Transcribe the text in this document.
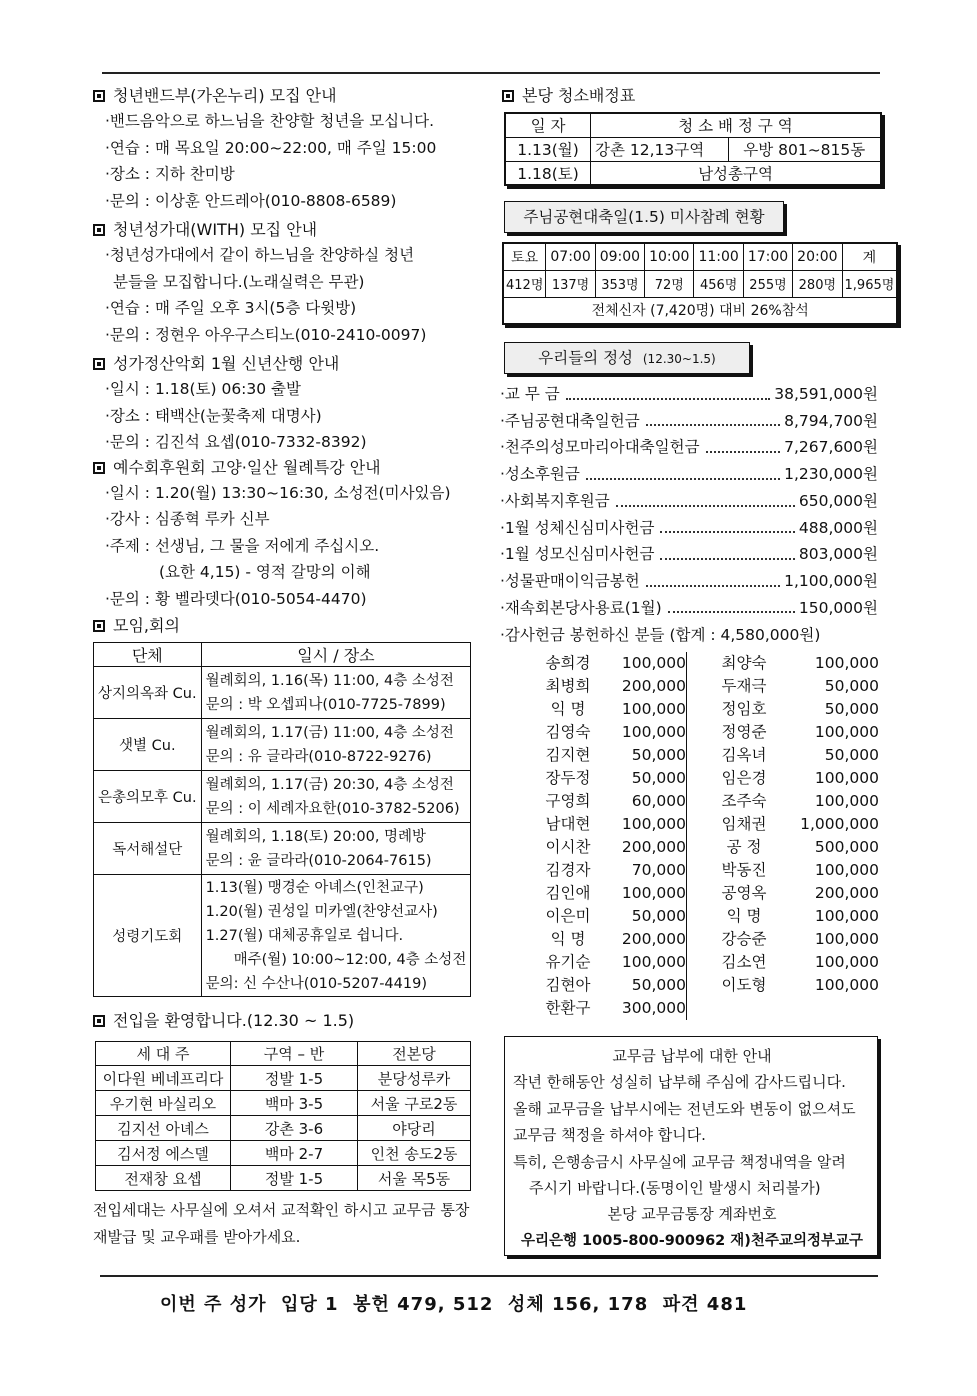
청년밴드부(가온누리) 모집 안내
·밴드음악으로 하느님을 찬양할 청년을 모십니다.
·연습 : 매 목요일 20:00~22:00, 매 주일 15:00
·장소 : 지하 찬미방
·문의 : 이상훈 안드레아(010-8808-6589)
청년성가대(WITH) 모집 안내
·청년성가대에서 같이 하느님을 찬양하실 청년
분들을 모집합니다.(노래실력은 무관)
·연습 : 매 주일 오후 3시(5층 다윗방)
·문의 : 정현우 아우구스티노(010-2410-0097)
성가정산악회 1월 신년산행 안내
·일시 : 1.18(토) 06:30 출발
·장소 : 태백산(눈꽃축제 대명사)
·문의 : 김진석 요셉(010-7332-8392)
예수회후원회 고양·일산 월례특강 안내
·일시 : 1.20(월) 13:30~16:30, 소성전(미사있음)
·강사 : 심종혁 루카 신부
·주제 : 선생님, 그 물을 저에게 주십시오.
(요한 4,15) - 영적 갈망의 이해
·문의 : 황 벨라뎃다(010-5054-4470)
모임,회의
단체	일시 / 장소
상지의옥좌 Cu.	월례회의, 1.16(목) 11:00, 4층 소성전
문의 : 박 오셉피나(010-7725-7899)

샛별 Cu.	월례회의, 1.17(금) 11:00, 4층 소성전
문의 : 유 글라라(010-8722-9276)

은총의모후 Cu.	월례회의, 1.17(금) 20:30, 4층 소성전
문의 : 이 세례자요한(010-3782-5206)

독서해설단	월례회의, 1.18(토) 20:00, 명례방
문의 : 윤 글라라(010-2064-7615)

성령기도회	1.13(월) 맹경순 아녜스(인천교구)
1.20(월) 권성일 미카엘(찬양선교사)
1.27(월) 대체공휴일로 쉽니다.
매주(월) 10:00~12:00, 4층 소성전
문의: 신 수산나(010-5207-4419)
전입을 환영합니다.(12.30 ~ 1.5)
세 대 주	구역 – 반	전본당
이다원 베네프리다	정발 1-5	분당성루카
우기현 바실리오	백마 3-5	서울 구로2동
김지선 아녜스	강촌 3-6	야당리
김서정 에스델	백마 2-7	인천 송도2동
전재창 요셉	정발 1-5	서울 목5동
전입세대는 사무실에 오셔서 교적확인 하시고 교무금 통장
재발급 및 교우패를 받아가세요.
본당 청소배정표
일 자	청 소 배 정 구 역	
1.13(월)	강촌 12,13구역	우방 801~815동
1.18(토)	남성총구역	
주님공현대축일(1.5) 미사참례 현황
토요	07:00	09:00	10:00	11:00	17:00	20:00	계
412명	137명	353명	72명	456명	255명	280명	1,965명
전체신자 (7,420명) 대비 26%참석							
우리들의 정성 (12.30~1.5)
·교 무 금	38,591,000원
·주님공현대축일헌금	8,794,700원
·천주의성모마리아대축일헌금	7,267,600원
·성소후원금	1,230,000원
·사회복지후원금	650,000원
·1월 성체신심미사헌금	488,000원
·1월 성모신심미사헌금	803,000원
·성물판매이익금봉헌	1,100,000원
·재속회본당사용료(1월)	150,000원
·감사헌금 봉헌하신 분들 (합계 : 4,580,000원)
송희경	100,000	최양숙	100,000
최병희	200,000	두재극	50,000
익 명	100,000	정임호	50,000
김영숙	100,000	정영준	100,000
김지현	50,000	김옥녀	50,000
장두정	50,000	임은경	100,000
구영희	60,000	조주숙	100,000
남대현	100,000	임채권	1,000,000
이시찬	200,000	공 정	500,000
김경자	70,000	박동진	100,000
김인애	100,000	공영옥	200,000
이은미	50,000	익 명	100,000
익 명	200,000	강승준	100,000
유기순	100,000	김소연	100,000
김현아	50,000	이도형	100,000
한환구	300,000		
교무금 납부에 대한 안내
작년 한해동안 성실히 납부해 주심에 감사드립니다.
올해 교무금을 납부시에는 전년도와 변동이 없으셔도
교무금 책정을 하셔야 합니다.
특히, 은행송금시 사무실에 교무금 책정내역을 알려
주시기 바랍니다.(동명이인 발생시 처리불가)
본당 교무금통장 계좌번호
우리은행 1005-800-900962 재)천주교의정부교구
이번 주 성가  입당 1  봉헌 479, 512  성체 156, 178  파견 481
